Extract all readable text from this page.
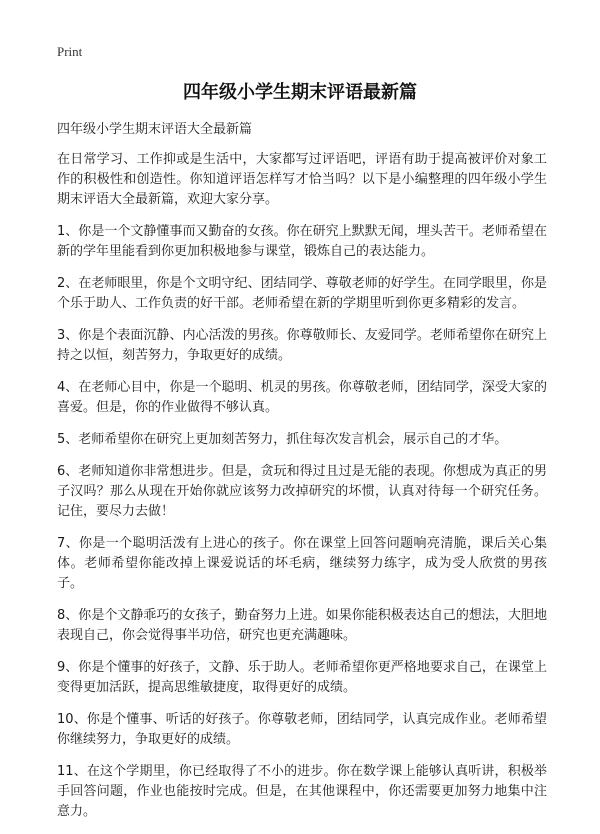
Print
四年级小学生期末评语最新篇
四年级小学生期末评语大全最新篇

在日常学习、工作抑或是生活中，大家都写过评语吧，评语有助于提高被评价对象工作的积极性和创造性。你知道评语怎样写才恰当吗？以下是小编整理的四年级小学生期末评语大全最新篇，欢迎大家分享。

1、你是一个文静懂事而又勤奋的女孩。你在研究上默默无闻，埋头苦干。老师希望在新的学年里能看到你更加积极地参与课堂，锻炼自己的表达能力。

2、在老师眼里，你是个文明守纪、团结同学、尊敬老师的好学生。在同学眼里，你是个乐于助人、工作负责的好干部。老师希望在新的学期里听到你更多精彩的发言。

3、你是个表面沉静、内心活泼的男孩。你尊敬师长、友爱同学。老师希望你在研究上持之以恒，刻苦努力，争取更好的成绩。

4、在老师心目中，你是一个聪明、机灵的男孩。你尊敬老师，团结同学，深受大家的喜爱。但是，你的作业做得不够认真。

5、老师希望你在研究上更加刻苦努力，抓住每次发言机会，展示自己的才华。

6、老师知道你非常想进步。但是，贪玩和得过且过是无能的表现。你想成为真正的男子汉吗？那么从现在开始你就应该努力改掉研究的坏惯，认真对待每一个研究任务。记住，要尽力去做！

7、你是一个聪明活泼有上进心的孩子。你在课堂上回答问题响亮清脆，课后关心集体。老师希望你能改掉上课爱说话的坏毛病，继续努力练字，成为受人欣赏的男孩子。

8、你是个文静乖巧的女孩子，勤奋努力上进。如果你能积极表达自己的想法，大胆地表现自己，你会觉得事半功倍，研究也更充满趣味。

9、你是个懂事的好孩子，文静、乐于助人。老师希望你更严格地要求自己，在课堂上变得更加活跃，提高思维敏捷度，取得更好的成绩。

10、你是个懂事、听话的好孩子。你尊敬老师，团结同学，认真完成作业。老师希望你继续努力，争取更好的成绩。

11、在这个学期里，你已经取得了不小的进步。你在数学课上能够认真听讲，积极举手回答问题，作业也能按时完成。但是，在其他课程中，你还需要更加努力地集中注意力。
